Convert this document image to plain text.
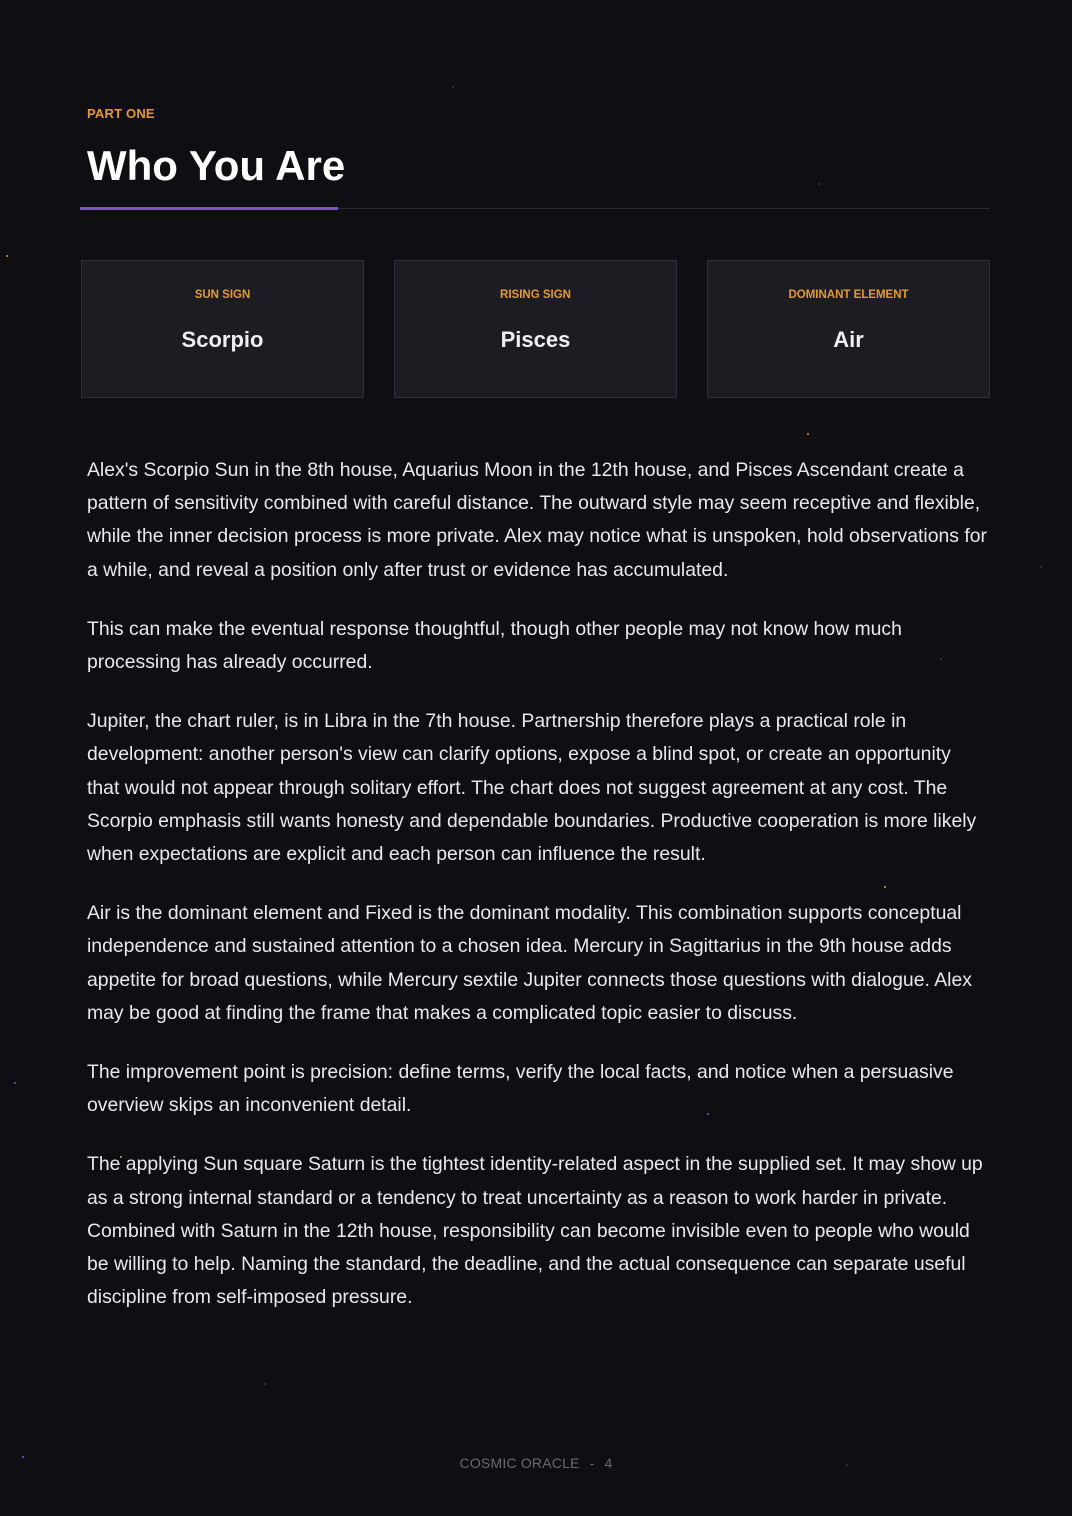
PART ONE
Who You Are
SUN SIGN
Scorpio
RISING SIGN
Pisces
DOMINANT ELEMENT
Air

Alex's Scorpio Sun in the 8th house, Aquarius Moon in the 12th house, and Pisces Ascendant create a pattern of sensitivity combined with careful distance. The outward style may seem receptive and flexible, while the inner decision process is more private. Alex may notice what is unspoken, hold observations for a while, and reveal a position only after trust or evidence has accumulated.

This can make the eventual response thoughtful, though other people may not know how much processing has already occurred.

Jupiter, the chart ruler, is in Libra in the 7th house. Partnership therefore plays a practical role in development: another person's view can clarify options, expose a blind spot, or create an opportunity that would not appear through solitary effort. The chart does not suggest agreement at any cost. The Scorpio emphasis still wants honesty and dependable boundaries. Productive cooperation is more likely when expectations are explicit and each person can influence the result.

Air is the dominant element and Fixed is the dominant modality. This combination supports conceptual independence and sustained attention to a chosen idea. Mercury in Sagittarius in the 9th house adds appetite for broad questions, while Mercury sextile Jupiter connects those questions with dialogue. Alex may be good at finding the frame that makes a complicated topic easier to discuss.

The improvement point is precision: define terms, verify the local facts, and notice when a persuasive overview skips an inconvenient detail.

The applying Sun square Saturn is the tightest identity-related aspect in the supplied set. It may show up as a strong internal standard or a tendency to treat uncertainty as a reason to work harder in private. Combined with Saturn in the 12th house, responsibility can become invisible even to people who would be willing to help. Naming the standard, the deadline, and the actual consequence can separate useful discipline from self-imposed pressure.

COSMIC ORACLE - 4
